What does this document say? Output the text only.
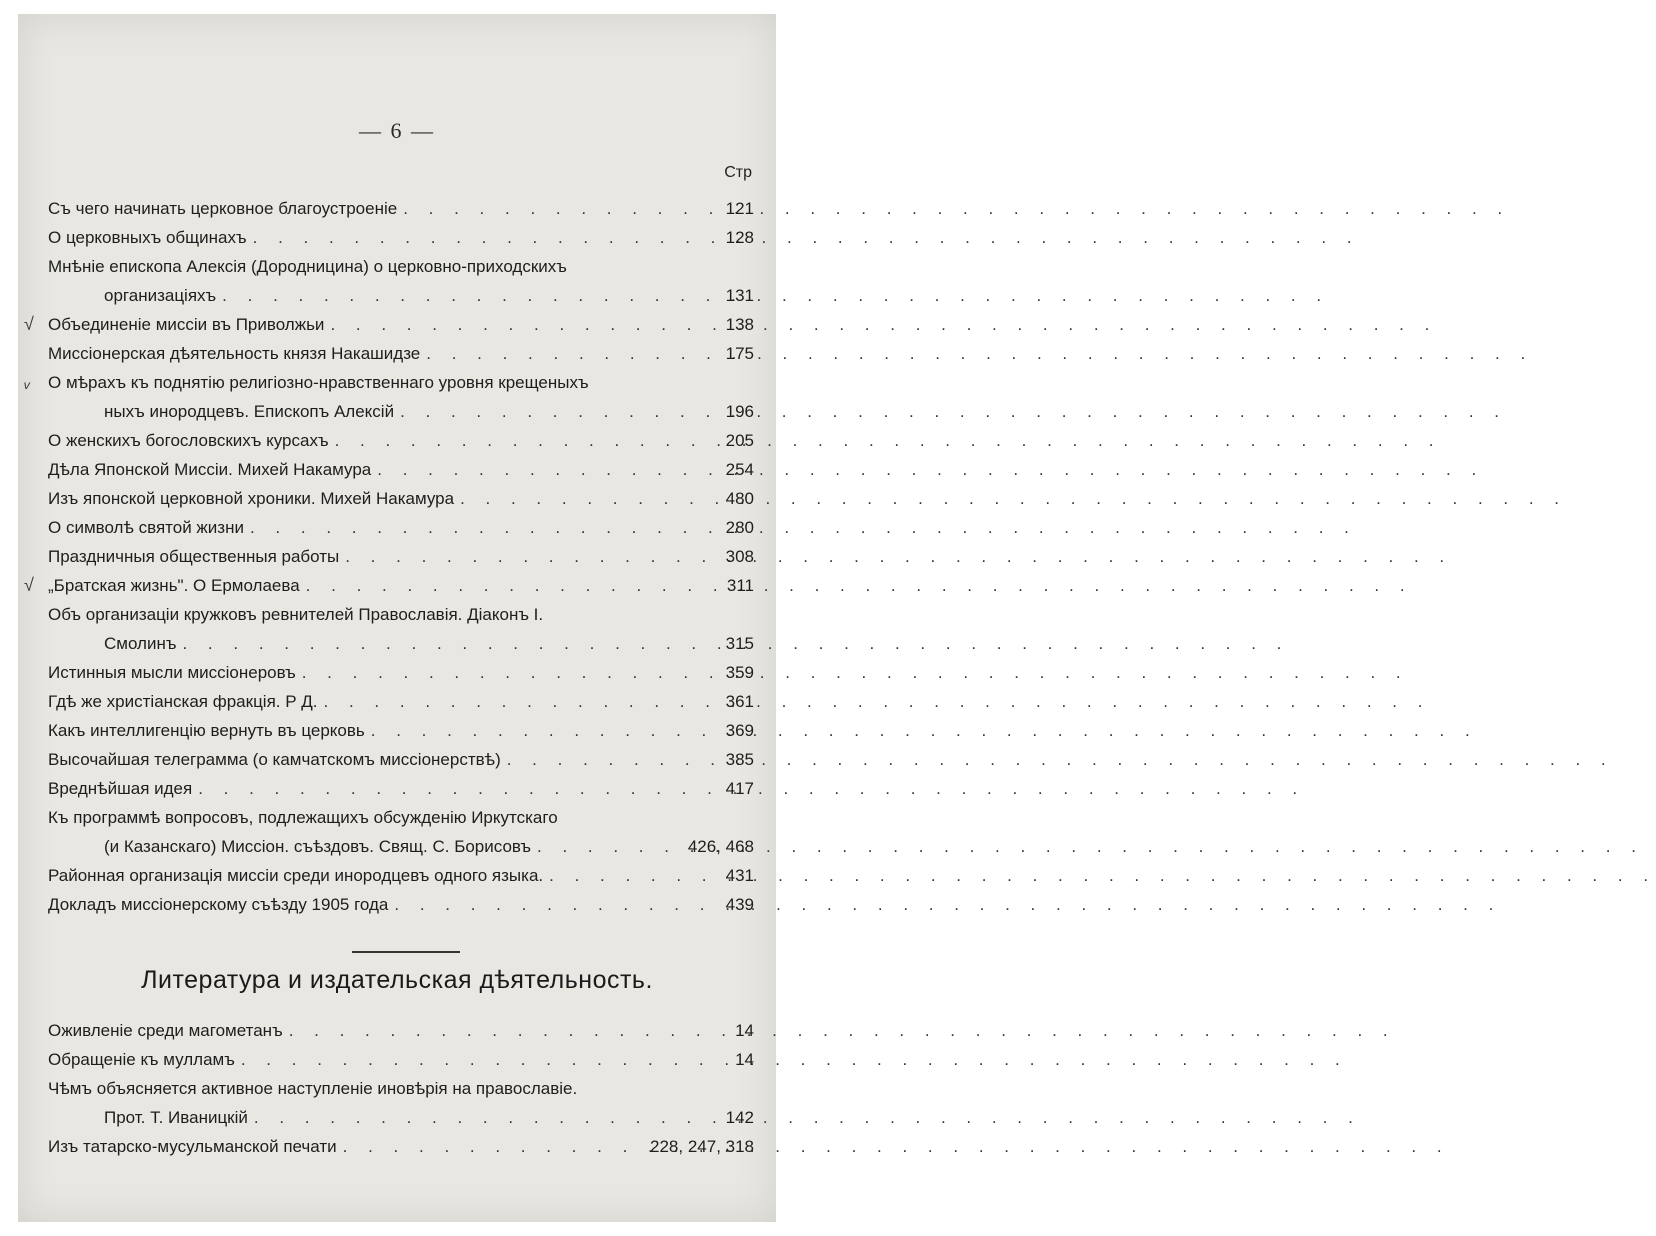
— 6 —
Стр
Съ чего начинать церковное благоустроеніе . . .	121
О церковныхъ общинахъ . . .	128
Мнѣніе епископа Алексія (Дородницина) о церковно-приходскихъ
организаціяхъ . . .	131
√ Объединеніе миссіи въ Приволжьи . . .	138
Миссіонерская дѣятельность князя Накашидзе . . .	175
ᵥ О мѣрахъ къ поднятію религіозно-нравственнаго уровня крещеныхъ
ныхъ инородцевъ. Епископъ Алексій . . .	196
О женскихъ богословскихъ курсахъ . . .	205
Дѣла Японской Миссіи. Михей Накамура . . .	254
Изъ японской церковной хроники. Михей Накамура . . .	480
О символѣ святой жизни . . .	280
Праздничныя общественныя работы . . .	308
√ „Братская жизнь". О Ермолаева . . .	311
Объ организаціи кружковъ ревнителей Православія. Діаконъ І.
Смолинъ . . .	315
Истинныя мысли миссіонеровъ . . .	359
Гдѣ же христіанская фракція. Р Д. . . .	361
Какъ интеллигенцію вернуть въ церковь . . .	369
Высочайшая телеграмма (о камчатскомъ миссіонерствѣ) . . .	385
Вреднѣйшая идея . . .	417
Къ программѣ вопросовъ, подлежащихъ обсужденію Иркутскаго
(и Казанскаго) Миссіон. съѣздовъ. Свящ. С. Борисовъ . . .	426, 468
Районная организація миссіи среди инородцевъ одного языка. . . .	431
Докладъ миссіонерскому съѣзду 1905 года . . .	439
Литература и издательская дѣятельность.
Оживленіе среди магометанъ . . .	14
Обращеніе къ мулламъ . . .	14
Чѣмъ объясняется активное наступленіе иновѣрія на православіе.
Прот. Т. Иваницкій . . .	142
Изъ татарско-мусульманской печати . . .	228, 247, 318
